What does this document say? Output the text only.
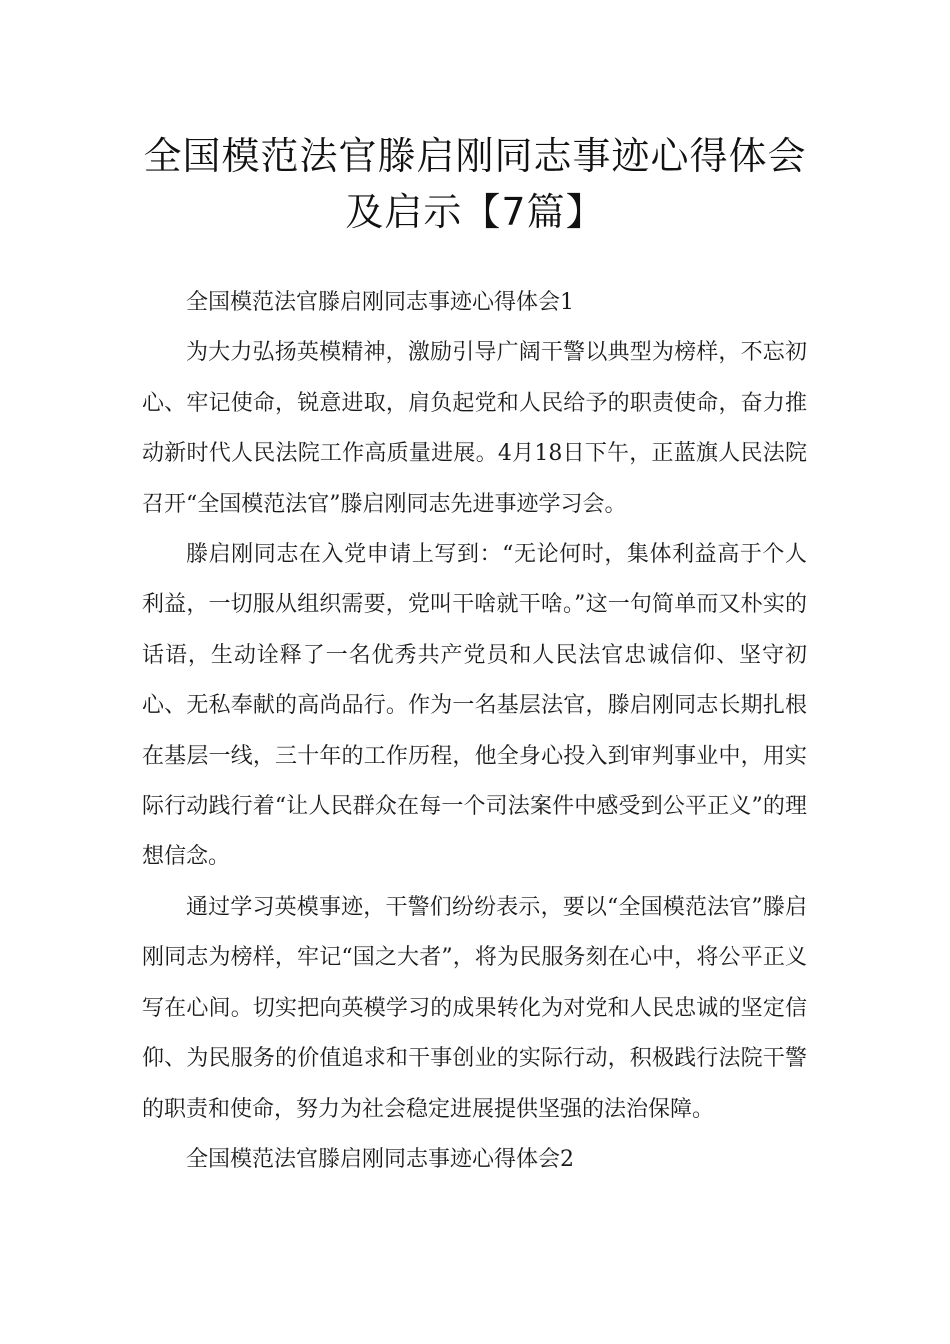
全国模范法官滕启刚同志事迹心得体会
及启示【7篇】

全国模范法官滕启刚同志事迹心得体会1

为大力弘扬英模精神，激励引导广阔干警以典型为榜样，不忘初心、牢记使命，锐意进取，肩负起党和人民给予的职责使命，奋力推动新时代人民法院工作高质量进展。4月18日下午，正蓝旗人民法院召开“全国模范法官”滕启刚同志先进事迹学习会。

滕启刚同志在入党申请上写到：“无论何时，集体利益高于个人利益，一切服从组织需要，党叫干啥就干啥。”这一句简单而又朴实的话语，生动诠释了一名优秀共产党员和人民法官忠诚信仰、坚守初心、无私奉献的高尚品行。作为一名基层法官，滕启刚同志长期扎根在基层一线，三十年的工作历程，他全身心投入到审判事业中，用实际行动践行着“让人民群众在每一个司法案件中感受到公平正义”的理想信念。

通过学习英模事迹，干警们纷纷表示，要以“全国模范法官”滕启刚同志为榜样，牢记“国之大者”，将为民服务刻在心中，将公平正义写在心间。切实把向英模学习的成果转化为对党和人民忠诚的坚定信仰、为民服务的价值追求和干事创业的实际行动，积极践行法院干警的职责和使命，努力为社会稳定进展提供坚强的法治保障。

全国模范法官滕启刚同志事迹心得体会2
